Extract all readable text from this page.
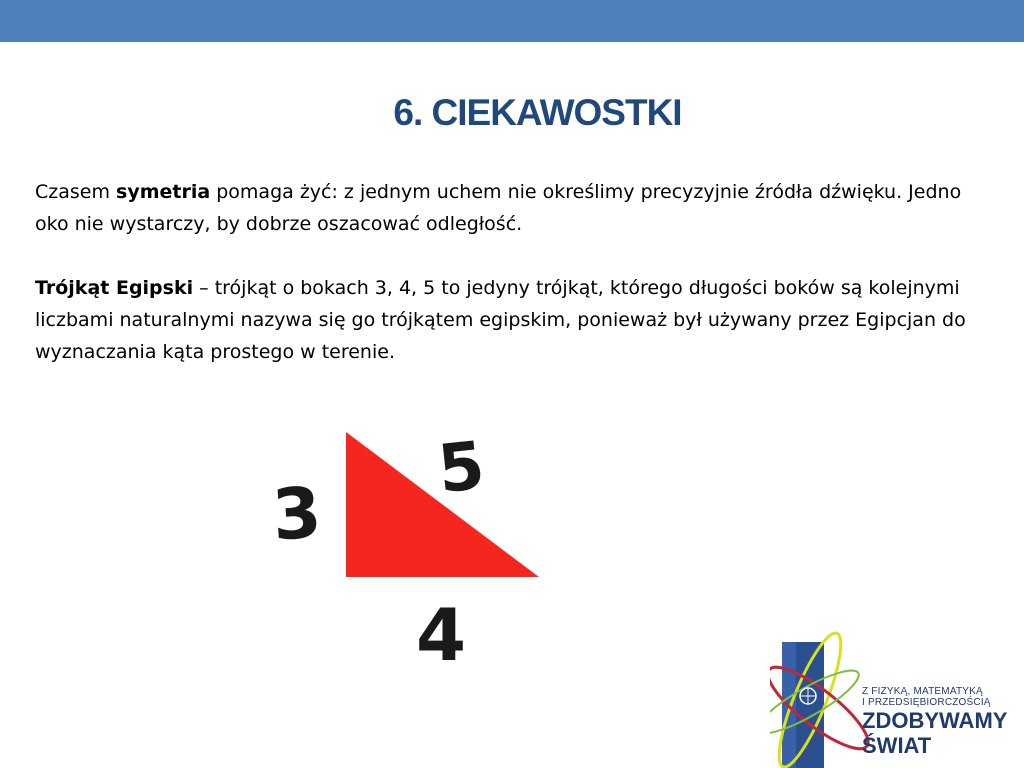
6. CIEKAWOSTKI

Czasem symetria pomaga żyć: z jednym uchem nie określimy precyzyjnie źródła dźwięku. Jedno oko nie wystarczy, by dobrze oszacować odległość.

Trójkąt Egipski – trójkąt o bokach 3, 4, 5 to jedyny trójkąt, którego długości boków są kolejnymi liczbami naturalnymi nazywa się go trójkątem egipskim, ponieważ był używany przez Egipcjan do wyznaczania kąta prostego w terenie.

3
5
4

Z FIZYKĄ, MATEMATYKĄ

I PRZEDSIĘBIORCZOŚCIĄ

ZDOBYWAMY

ŚWIAT
